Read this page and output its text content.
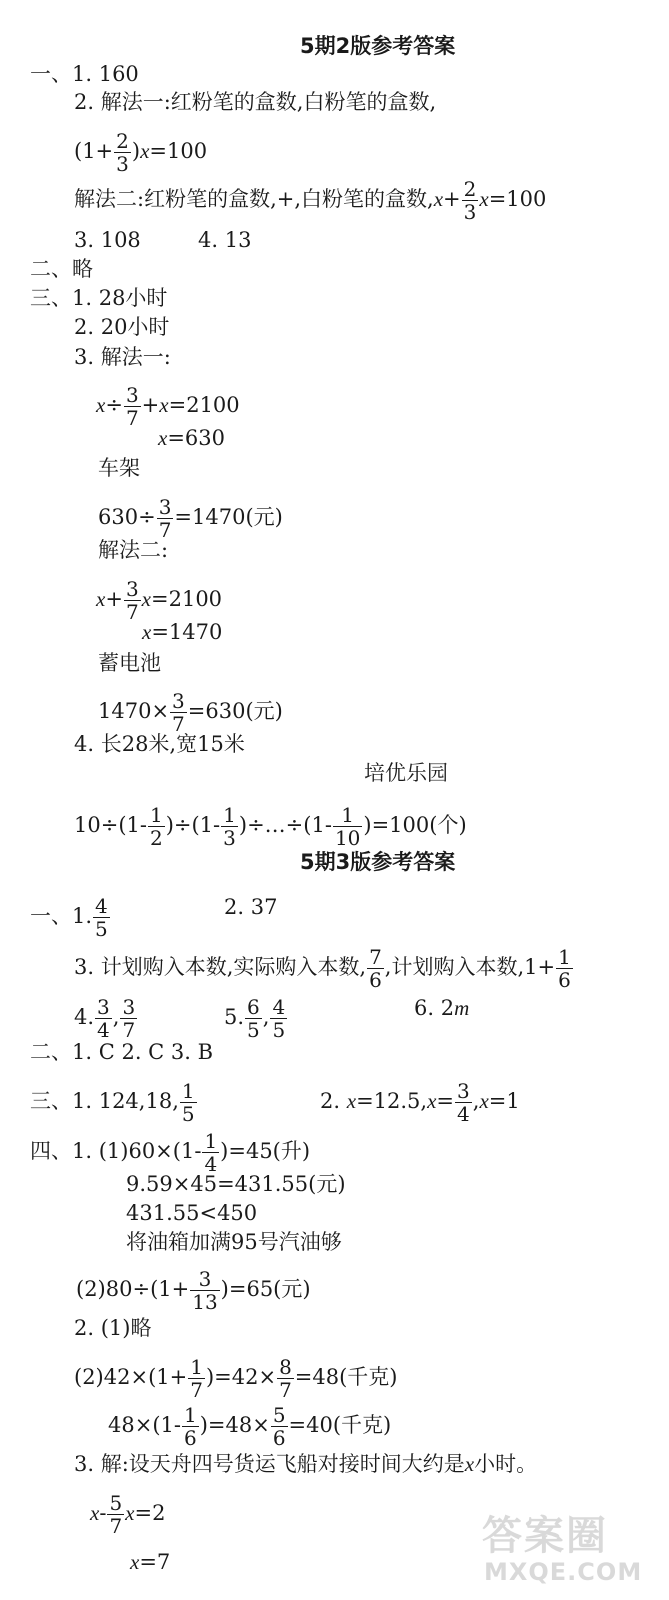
5期2版参考答案
一、1. 160
2. 解法一:红粉笔的盒数,白粉笔的盒数,
$(1+ \frac{2}{3} )x=100$
解法二:红粉笔的盒数,+,白粉笔的盒数$,x+ \frac{2}{3} x=100$
3. 108	4. 13
二、略
三、1. 28小时
2. 20小时
3. 解法一:
$x\div \frac{3}{7} +x=2100$
x=630
车架
$630\div \frac{3}{7} =1470$(元)
解法二:
$x+ \frac{3}{7} x=2100$
x=1470
蓄电池
$1470\times \frac{3}{7} =630$(元)
4. 长28米,宽15米
培优乐园
$10\div(1- \frac{1}{2} )\div(1- \frac{1}{3}$ )÷…÷(1- $\frac{1}{10} )=100$(个)
5期3版参考答案
一、1. $\frac{4}{5}$	2. 37
3. 计划购入本数,实际购入本数, $\frac{7}{6}$ ,计划购入本数$,1+ \frac{1}{6}$
4. $\frac{3}{4}$ , $\frac{3}{7}$	5. $\frac{6}{5}$ , $\frac{4}{5}$	6. 2m
二、1. C 2. C 3. B
三、1. 124,18, $\frac{1}{5}$	2. $x=12.5,x= \frac{3}{4} ,x=1$
四、1. $(1)60\times(1- \frac{1}{4} )=45$(升)
9.59×45=431.55(元)
431.55<450
将油箱加满95号汽油够
$(2)80\div(1+ \frac{3}{13} )=65$(元)
2. (1)略
$(2)42\times(1+ \frac{1}{7} )=42\times \frac{8}{7} =48$(千克)
$48\times(1- \frac{1}{6} )=48\times \frac{5}{6} =40$(千克)
3. 解:设天舟四号货运飞船对接时间大约是x小时。
$x- \frac{5}{7} x=2$
x=7
答案圈
MXQE.COM
